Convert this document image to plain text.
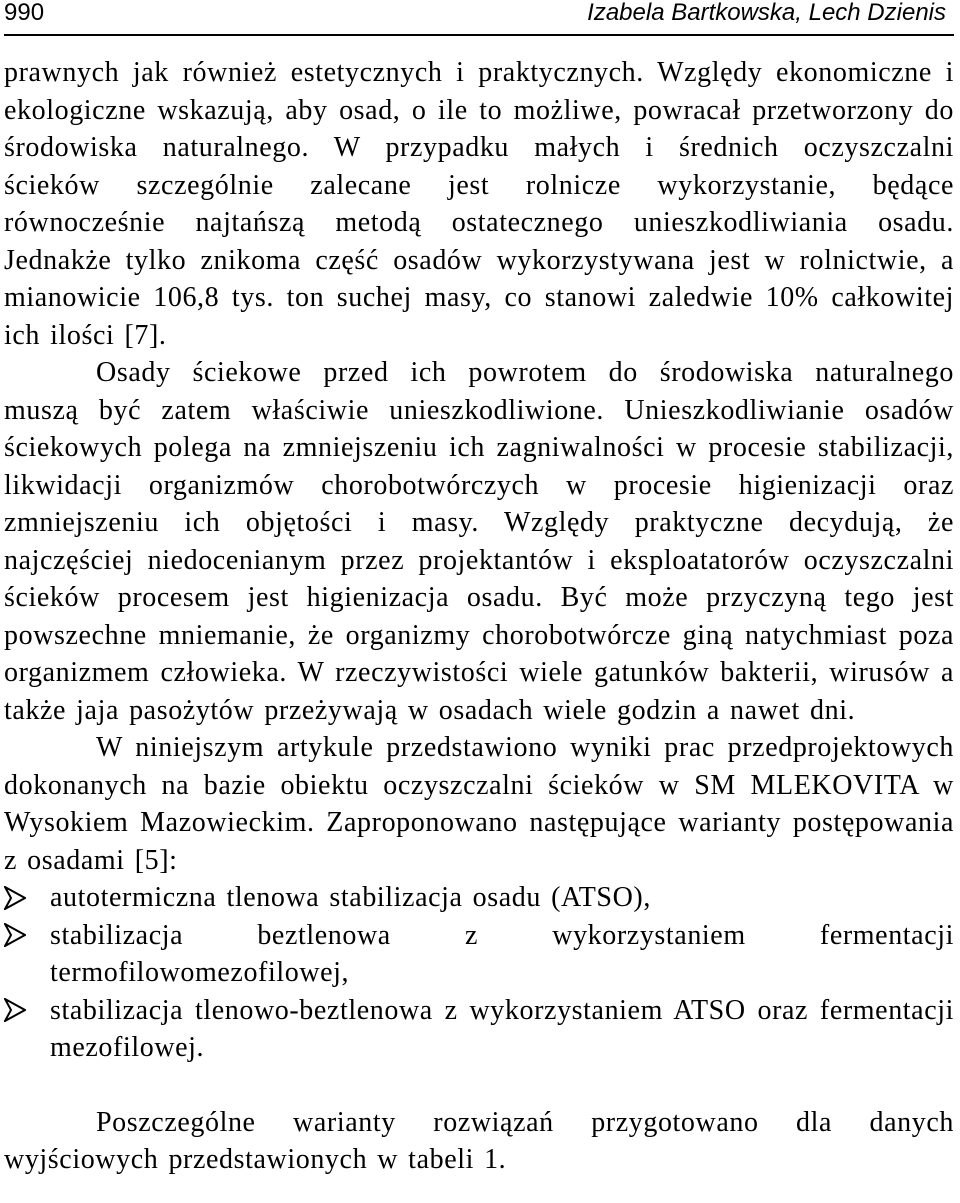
990	Izabela Bartkowska, Lech Dzienis

prawnych jak również estetycznych i praktycznych. Względy ekonomiczne i ekologiczne wskazują, aby osad, o ile to możliwe, powracał przetworzony do środowiska naturalnego. W przypadku małych i średnich oczyszczalni ścieków szczególnie zalecane jest rolnicze wykorzystanie, będące równocześnie najtańszą metodą ostatecznego unieszkodliwiania osadu. Jednakże tylko znikoma część osadów wykorzystywana jest w rolnictwie, a mianowicie 106,8 tys. ton suchej masy, co stanowi zaledwie 10% całkowitej ich ilości [7].

Osady ściekowe przed ich powrotem do środowiska naturalnego muszą być zatem właściwie unieszkodliwione. Unieszkodliwianie osadów ściekowych polega na zmniejszeniu ich zagniwalności w procesie stabilizacji, likwidacji organizmów chorobotwórczych w procesie higienizacji oraz zmniejszeniu ich objętości i masy. Względy praktyczne decydują, że najczęściej niedocenianym przez projektantów i eksploatatorów oczyszczalni ścieków procesem jest higienizacja osadu. Być może przyczyną tego jest powszechne mniemanie, że organizmy chorobotwórcze giną natychmiast poza organizmem człowieka. W rzeczywistości wiele gatunków bakterii, wirusów a także jaja pasożytów przeżywają w osadach wiele godzin a nawet dni.

W niniejszym artykule przedstawiono wyniki prac przedprojektowych dokonanych na bazie obiektu oczyszczalni ścieków w SM MLEKOVITA w Wysokiem Mazowieckim. Zaproponowano następujące warianty postępowania z osadami [5]:

autotermiczna tlenowa stabilizacja osadu (ATSO),
stabilizacja beztlenowa z wykorzystaniem fermentacji termofilowomezofilowej,
stabilizacja tlenowo-beztlenowa z wykorzystaniem ATSO oraz fermentacji mezofilowej.

Poszczególne warianty rozwiązań przygotowano dla danych wyjściowych przedstawionych w tabeli 1.
